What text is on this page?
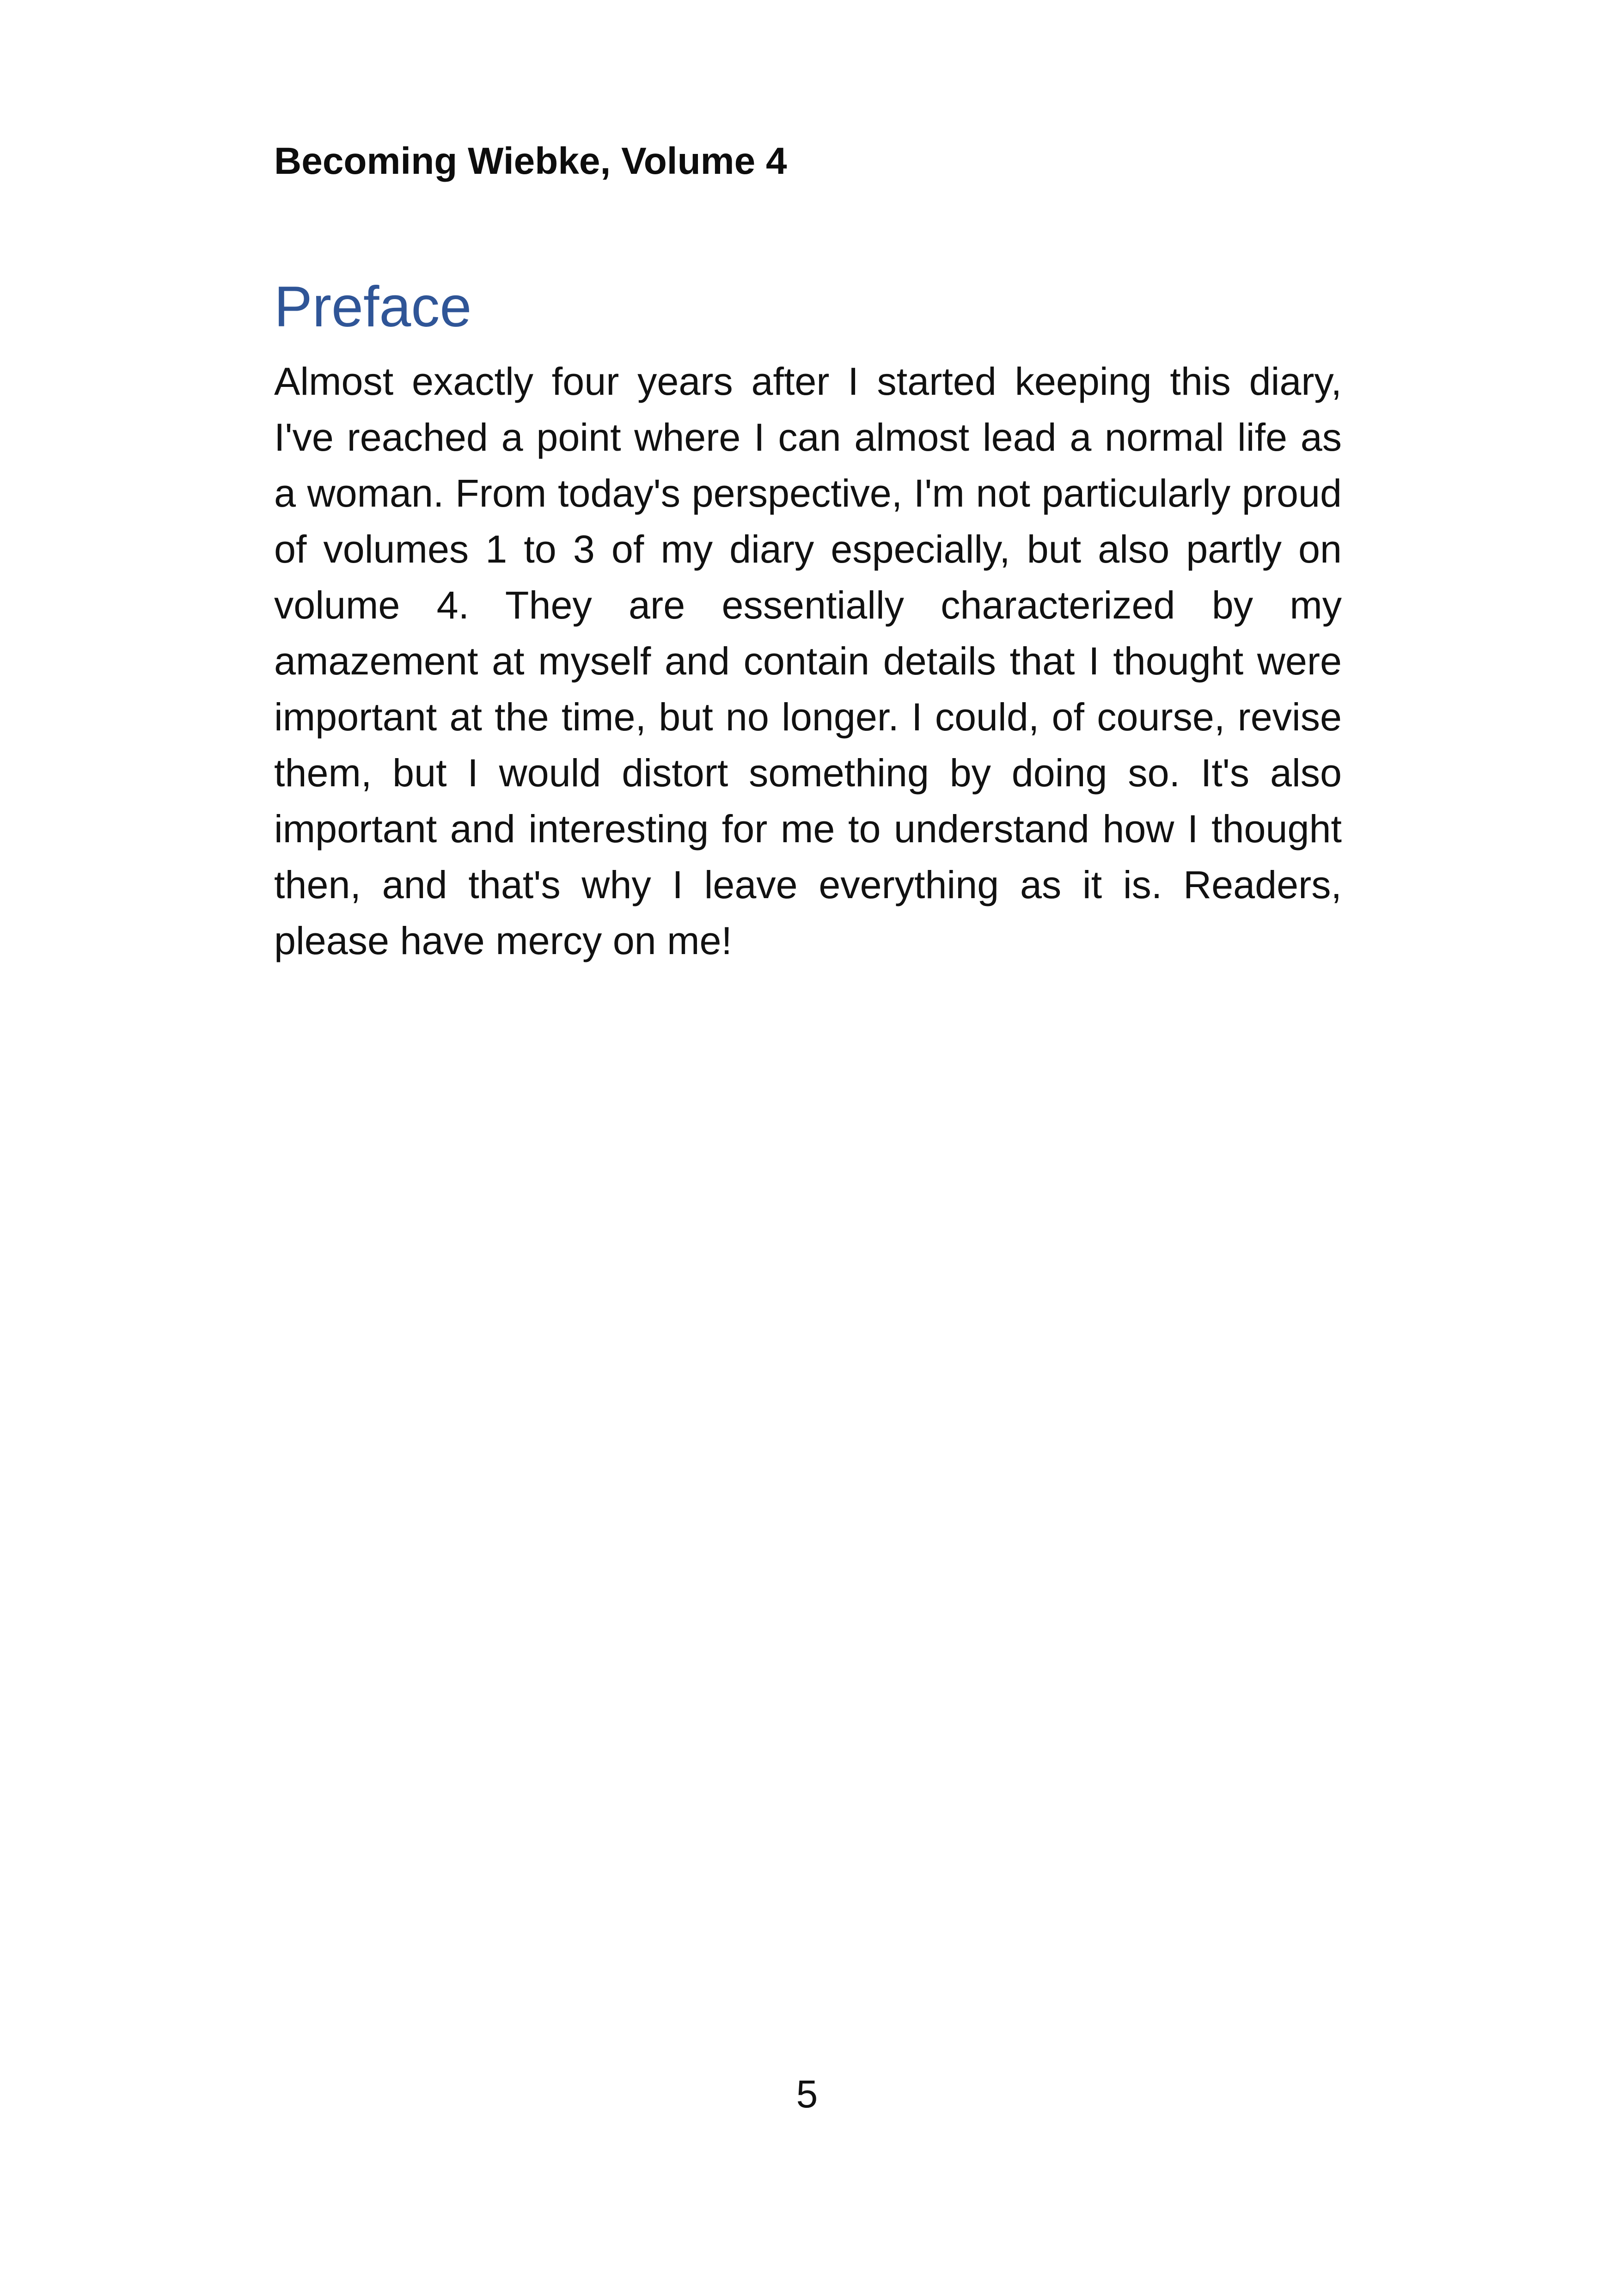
Becoming Wiebke, Volume 4
Preface

Almost exactly four years after I started keeping this diary, I've reached a point where I can almost lead a normal life as a woman. From today's perspective, I'm not particularly proud of volumes 1 to 3 of my diary especially, but also partly on volume 4. They are essentially characterized by my amazement at myself and contain details that I thought were important at the time, but no longer. I could, of course, revise them, but I would distort something by doing so. It's also important and interesting for me to understand how I thought then, and that's why I leave everything as it is. Readers, please have mercy on me!

5
